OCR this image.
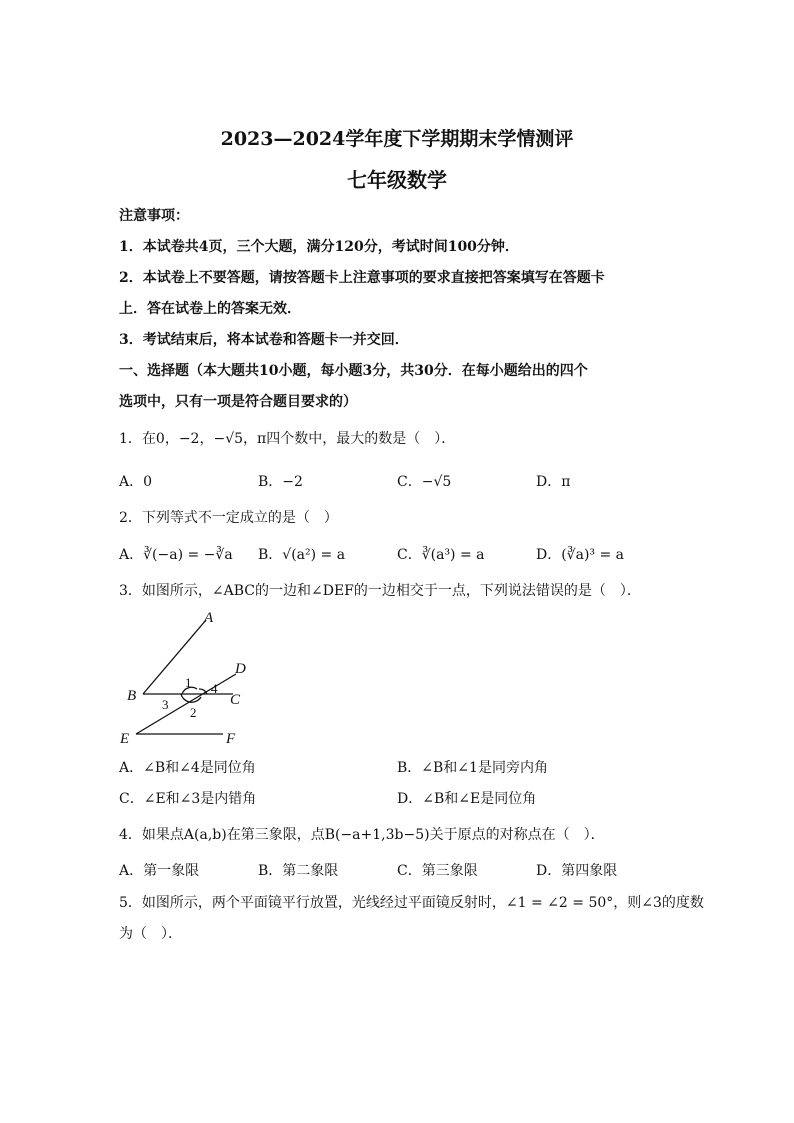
2023—2024学年度下学期期末学情测评
七年级数学
注意事项：
1．本试卷共4页，三个大题，满分120分，考试时间100分钟．
2．本试卷上不要答题，请按答题卡上注意事项的要求直接把答案填写在答题卡
上．答在试卷上的答案无效．
3．考试结束后，将本试卷和答题卡一并交回．
一、选择题（本大题共10小题，每小题3分，共30分．在每小题给出的四个
选项中，只有一项是符合题目要求的）
1．在0，−2，−√5，π四个数中，最大的数是（　）．
A．0	B．−2	C．−√5	D．π
2．下列等式不一定成立的是（　）
A．∛(−a) = −∛a B．√(a²) = a	C．∛(a³) = a	D．(∛a)³ = a
3．如图所示，∠ABC的一边和∠DEF的一边相交于一点，下列说法错误的是（　）．
A
B	C
D
E	F
1
2
3
4
A．∠B和∠4是同位角	B．∠B和∠1是同旁内角
C．∠E和∠3是内错角	D．∠B和∠E是同位角
4．如果点A(a,b)在第三象限，点B(−a+1,3b−5)关于原点的对称点在（　）．
A．第一象限	B．第二象限	C．第三象限	D．第四象限
5．如图所示，两个平面镜平行放置，光线经过平面镜反射时，∠1 = ∠2 = 50°，则∠3的度数
为（　）．
